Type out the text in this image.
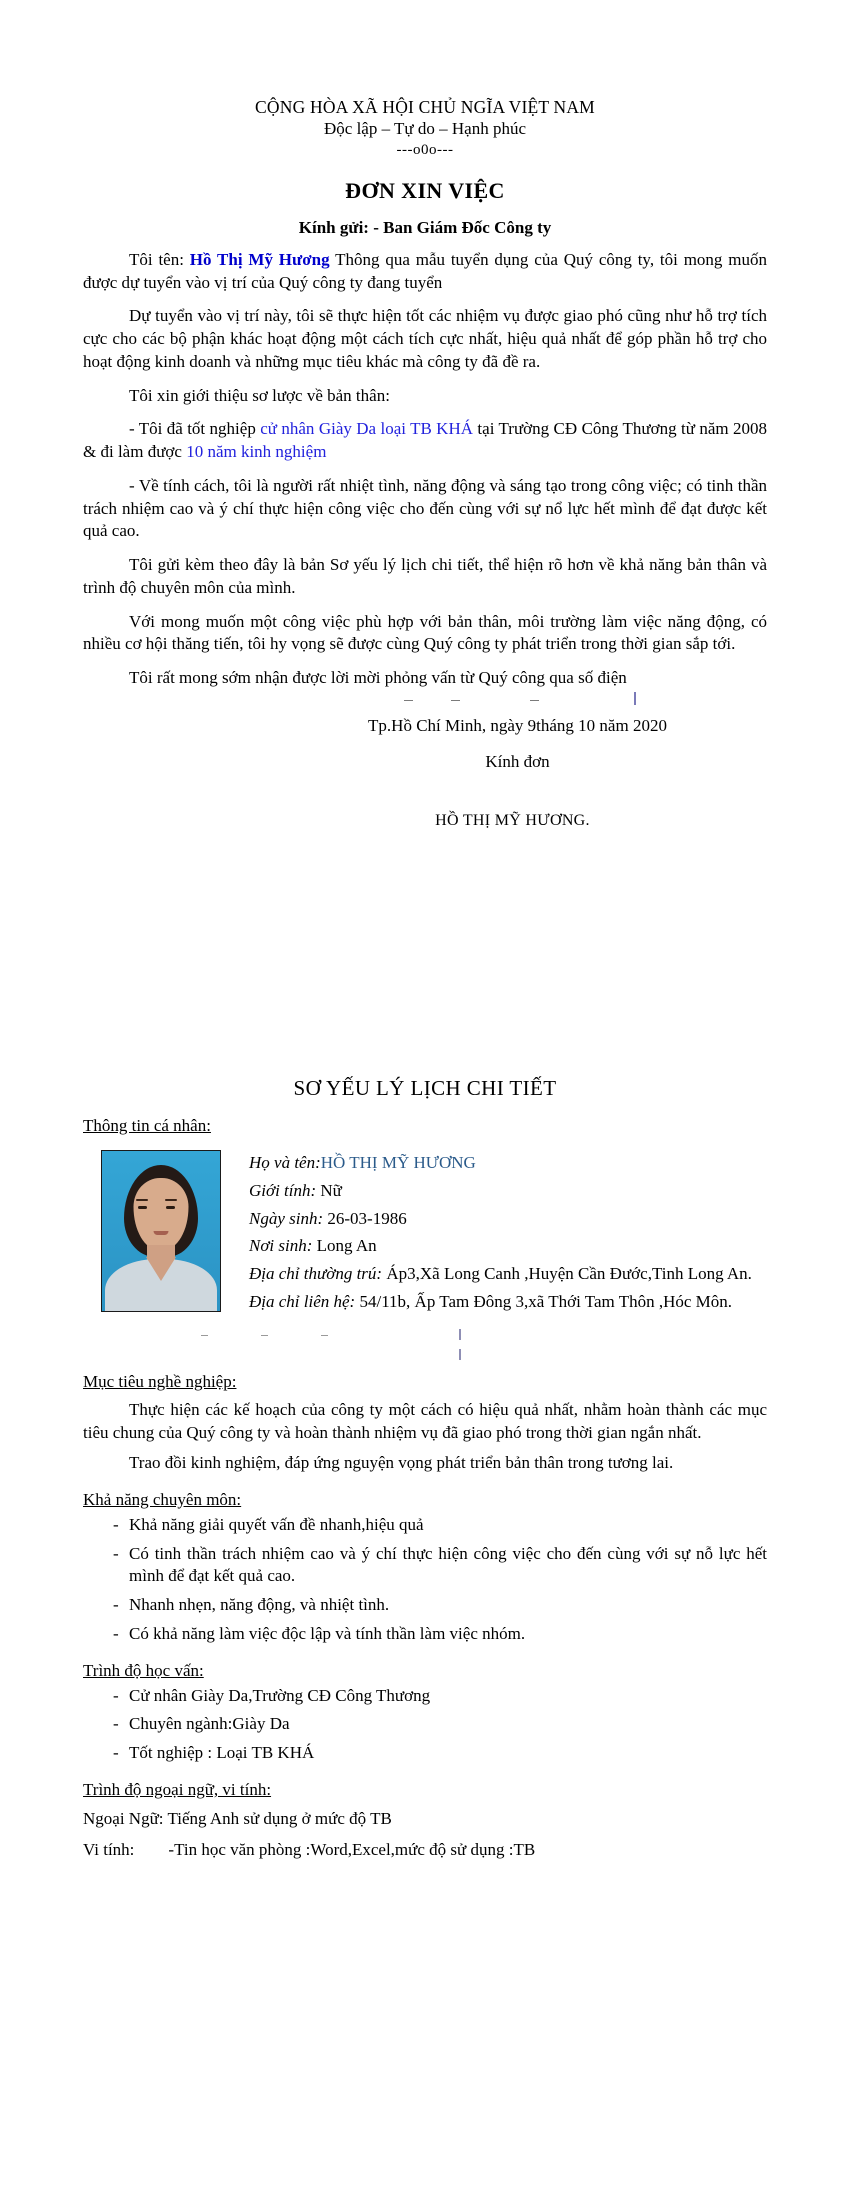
CỘNG HÒA XÃ HỘI CHỦ NGĨA VIỆT NAM
Độc lập – Tự do – Hạnh phúc
---o0o---
ĐƠN XIN VIỆC
Kính gửi: - Ban Giám Đốc Công ty

Tôi tên: Hồ Thị Mỹ Hương Thông qua mẫu tuyển dụng của Quý công ty, tôi mong muốn được dự tuyển vào vị trí của Quý công ty đang tuyển

Dự tuyển vào vị trí này, tôi sẽ thực hiện tốt các nhiệm vụ được giao phó cũng như hỗ trợ tích cực cho các bộ phận khác hoạt động một cách tích cực nhất, hiệu quả nhất để góp phần hỗ trợ cho hoạt động kinh doanh và những mục tiêu khác mà công ty đã đề ra.

Tôi xin giới thiệu sơ lược về bản thân:

- Tôi đã tốt nghiệp cử nhân Giày Da loại TB KHÁ tại Trường CĐ Công Thương từ năm 2008 & đi làm được 10 năm kinh nghiệm

- Về tính cách, tôi là người rất nhiệt tình, năng động và sáng tạo trong công việc; có tinh thần trách nhiệm cao và ý chí thực hiện công việc cho đến cùng với sự nổ lực hết mình để đạt được kết quả cao.

Tôi gửi kèm theo đây là bản Sơ yếu lý lịch chi tiết, thể hiện rõ hơn về khả năng bản thân và trình độ chuyên môn của mình.

Với mong muốn một công việc phù hợp với bản thân, môi trường làm việc năng động, có nhiều cơ hội thăng tiến, tôi hy vọng sẽ được cùng Quý công ty phát triển trong thời gian sắp tới.

Tôi rất mong sớm nhận được lời mời phỏng vấn từ Quý công qua số điện

Tp.Hồ Chí Minh, ngày 9tháng 10 năm 2020
Kính đơn
HỒ THỊ MỸ HƯƠNG.
SƠ YẾU LÝ LỊCH CHI TIẾT
Thông tin cá nhân:
Họ và tên:HỒ THỊ MỸ HƯƠNG
Giới tính: Nữ
Ngày sinh: 26-03-1986
Nơi sinh: Long An
Địa chỉ thường trú: Áp3,Xã Long Canh ,Huyện Cần Đước,Tinh Long An.
Địa chỉ liên hệ: 54/11b, Ấp Tam Đông 3,xã Thới Tam Thôn ,Hóc Môn.
Mục tiêu nghề nghiệp:

Thực hiện các kế hoạch của công ty một cách có hiệu quả nhất, nhằm hoàn thành các mục tiêu chung của Quý công ty và hoàn thành nhiệm vụ đã giao phó trong thời gian ngắn nhất.

Trao đồi kinh nghiệm, đáp ứng nguyện vọng phát triển bản thân trong tương lai.

Khả năng chuyên môn:
- Khả năng giải quyết vấn đề nhanh,hiệu quả
- Có tinh thần trách nhiệm cao và ý chí thực hiện công việc cho đến cùng với sự nỗ lực hết mình để đạt kết quả cao.
- Nhanh nhẹn, năng động, và nhiệt tình.
- Có khả năng làm việc độc lập và tính thần làm việc nhóm.
Trình độ học vấn:
- Cử nhân Giày Da,Trường CĐ Công Thương
- Chuyên ngành:Giày Da
- Tốt nghiệp : Loại TB KHÁ
Trình độ ngoại ngữ, vi tính:
Ngoại Ngữ: Tiếng Anh sử dụng ở mức độ TB
Vi tính: -Tin học văn phòng :Word,Excel,mức độ sử dụng :TB
